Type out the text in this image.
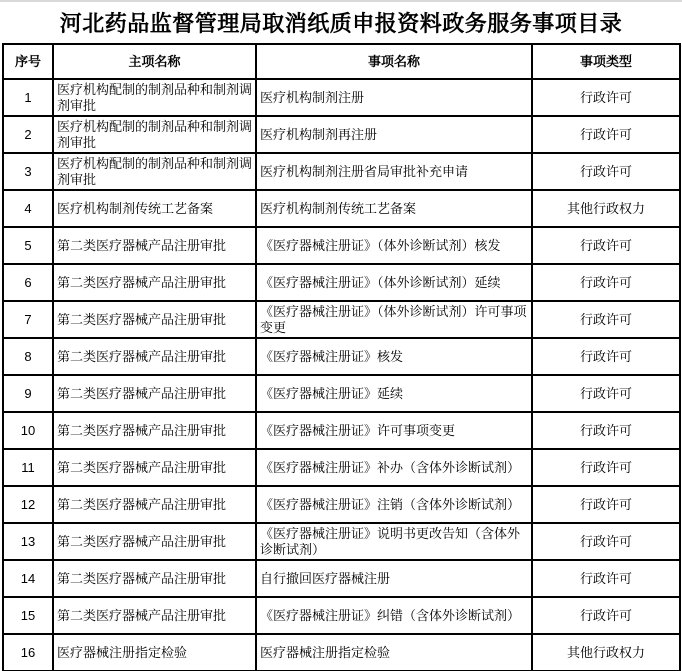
河北药品监督管理局取消纸质申报资料政务服务事项目录
序号	主项名称	事项名称	事项类型
1	医疗机构配制的制剂品种和制剂调剂审批	医疗机构制剂注册	行政许可
2	医疗机构配制的制剂品种和制剂调剂审批	医疗机构制剂再注册	行政许可
3	医疗机构配制的制剂品种和制剂调剂审批	医疗机构制剂注册省局审批补充申请	行政许可
4	医疗机构制剂传统工艺备案	医疗机构制剂传统工艺备案	其他行政权力
5	第二类医疗器械产品注册审批	《医疗器械注册证》（体外诊断试剂）核发	行政许可
6	第二类医疗器械产品注册审批	《医疗器械注册证》（体外诊断试剂）延续	行政许可
7	第二类医疗器械产品注册审批	《医疗器械注册证》（体外诊断试剂）许可事项变更	行政许可
8	第二类医疗器械产品注册审批	《医疗器械注册证》核发	行政许可
9	第二类医疗器械产品注册审批	《医疗器械注册证》延续	行政许可
10	第二类医疗器械产品注册审批	《医疗器械注册证》许可事项变更	行政许可
11	第二类医疗器械产品注册审批	《医疗器械注册证》补办（含体外诊断试剂）	行政许可
12	第二类医疗器械产品注册审批	《医疗器械注册证》注销（含体外诊断试剂）	行政许可
13	第二类医疗器械产品注册审批	《医疗器械注册证》说明书更改告知（含体外诊断试剂）	行政许可
14	第二类医疗器械产品注册审批	自行撤回医疗器械注册	行政许可
15	第二类医疗器械产品注册审批	《医疗器械注册证》纠错（含体外诊断试剂）	行政许可
16	医疗器械注册指定检验	医疗器械注册指定检验	其他行政权力
